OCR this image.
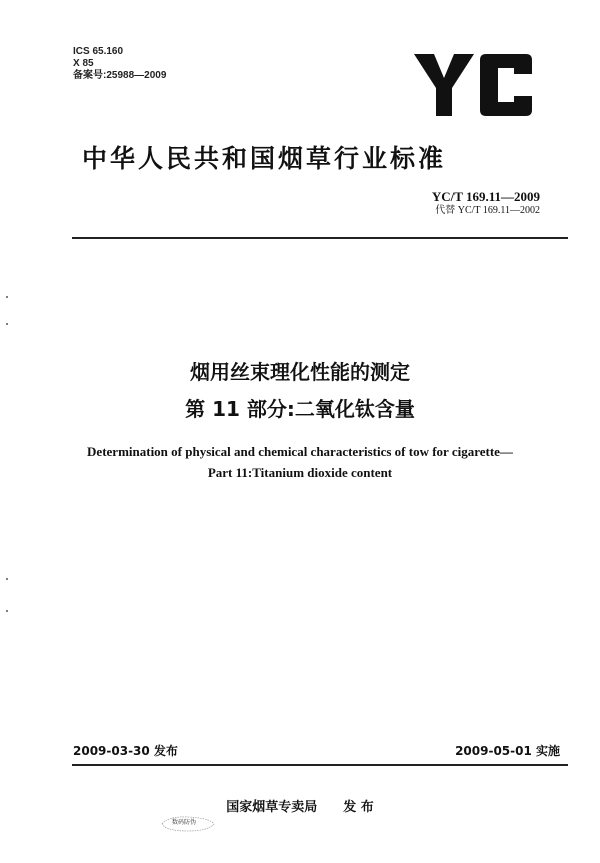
ICS 65.160
X 85
备案号:25988—2009
中华人民共和国烟草行业标准
YC/T 169.11—2009
代替 YC/T 169.11—2002
烟用丝束理化性能的测定
第 11 部分:二氧化钛含量
Determination of physical and chemical characteristics of tow for cigarette—
Part 11:Titanium dioxide content
2009-03-30 发布	2009-05-01 实施
国家烟草专卖局　　发 布
数码防伪
